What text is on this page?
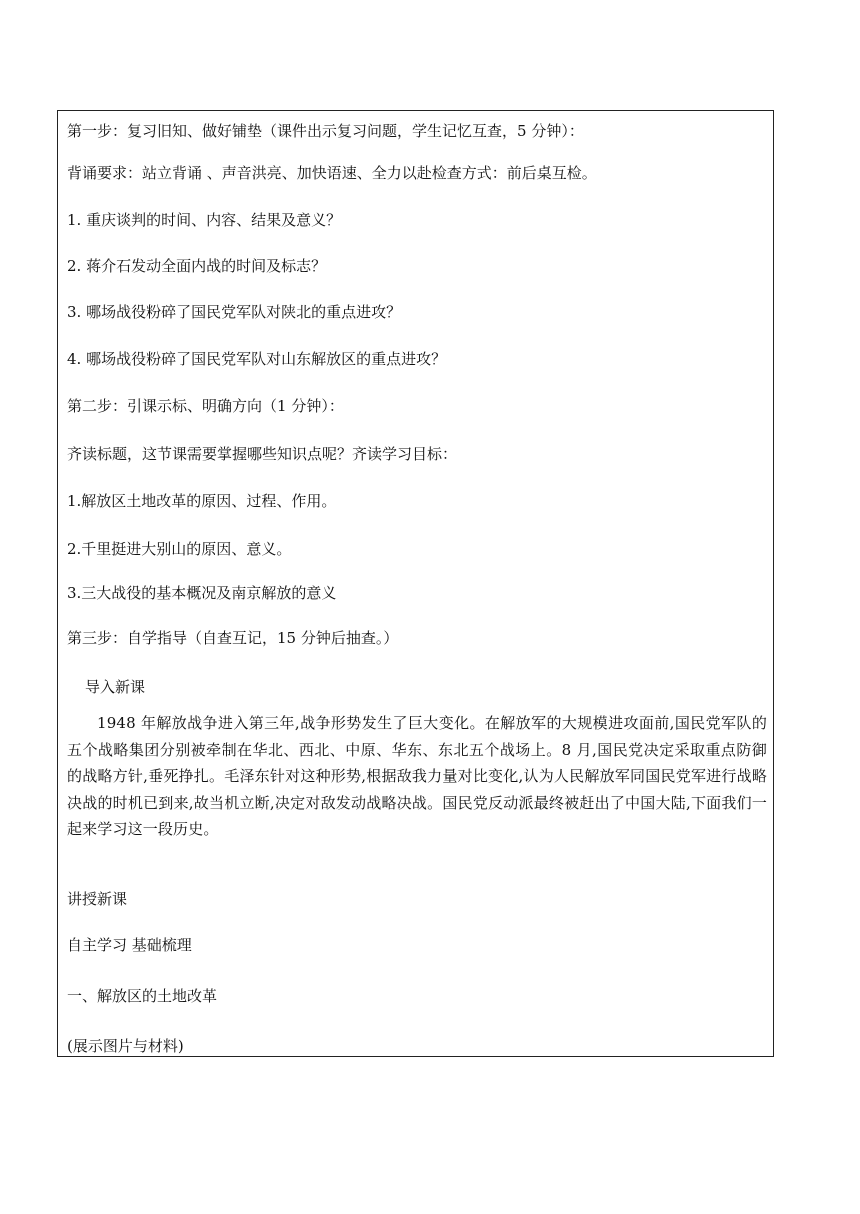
第一步：复习旧知、做好铺垫（课件出示复习问题，学生记忆互查，5 分钟）：
背诵要求：站立背诵 、声音洪亮、加快语速、全力以赴检查方式：前后桌互检。
1. 重庆谈判的时间、内容、结果及意义？
2. 蒋介石发动全面内战的时间及标志？
3. 哪场战役粉碎了国民党军队对陕北的重点进攻？
4. 哪场战役粉碎了国民党军队对山东解放区的重点进攻？
第二步：引课示标、明确方向（1 分钟）：
齐读标题，这节课需要掌握哪些知识点呢？齐读学习目标：
1.解放区土地改革的原因、过程、作用。
2.千里挺进大别山的原因、意义。
3.三大战役的基本概况及南京解放的意义
第三步：自学指导（自查互记，15 分钟后抽查。）
导入新课
1948 年解放战争进入第三年,战争形势发生了巨大变化。在解放军的大规模进攻面前,国民党军队的五个战略集团分别被牵制在华北、西北、中原、华东、东北五个战场上。8 月,国民党决定采取重点防御的战略方针,垂死挣扎。毛泽东针对这种形势,根据敌我力量对比变化,认为人民解放军同国民党军进行战略决战的时机已到来,故当机立断,决定对敌发动战略决战。国民党反动派最终被赶出了中国大陆,下面我们一起来学习这一段历史。
讲授新课
自主学习 基础梳理
一、解放区的土地改革
(展示图片与材料)
